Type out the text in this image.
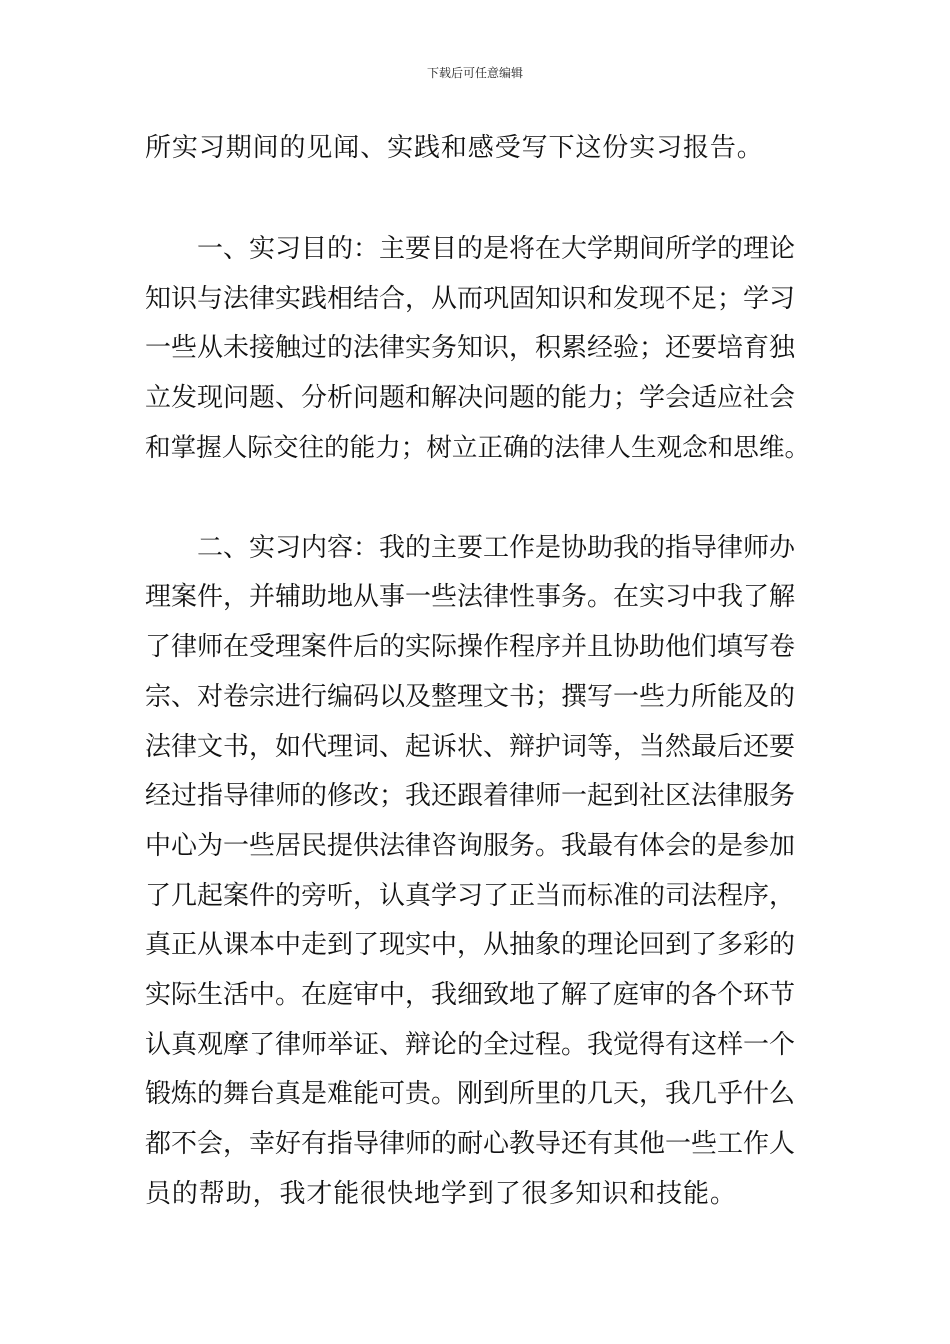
下载后可任意编辑
所实习期间的见闻、实践和感受写下这份实习报告。
一、实习目的：主要目的是将在大学期间所学的理论
知识与法律实践相结合，从而巩固知识和发现不足；学习
一些从未接触过的法律实务知识，积累经验；还要培育独
立发现问题、分析问题和解决问题的能力；学会适应社会
和掌握人际交往的能力；树立正确的法律人生观念和思维。
二、实习内容：我的主要工作是协助我的指导律师办
理案件，并辅助地从事一些法律性事务。在实习中我了解
了律师在受理案件后的实际操作程序并且协助他们填写卷
宗、对卷宗进行编码以及整理文书；撰写一些力所能及的
法律文书，如代理词、起诉状、辩护词等，当然最后还要
经过指导律师的修改；我还跟着律师一起到社区法律服务
中心为一些居民提供法律咨询服务。我最有体会的是参加
了几起案件的旁听，认真学习了正当而标准的司法程序，
真正从课本中走到了现实中，从抽象的理论回到了多彩的
实际生活中。在庭审中，我细致地了解了庭审的各个环节
认真观摩了律师举证、辩论的全过程。我觉得有这样一个
锻炼的舞台真是难能可贵。刚到所里的几天，我几乎什么
都不会，幸好有指导律师的耐心教导还有其他一些工作人
员的帮助，我才能很快地学到了很多知识和技能。
